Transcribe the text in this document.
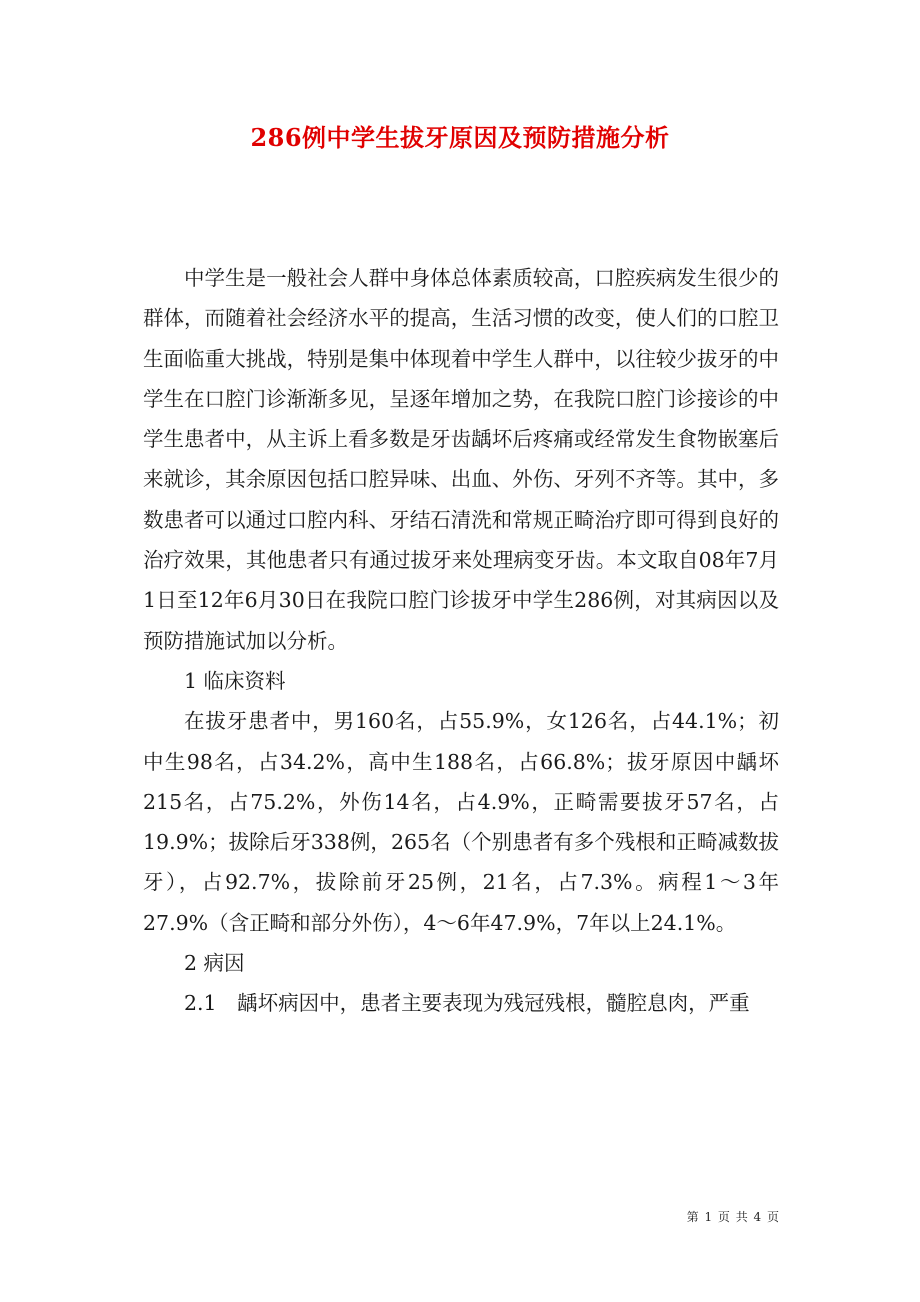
286例中学生拔牙原因及预防措施分析

中学生是一般社会人群中身体总体素质较高，口腔疾病发生很少的群体，而随着社会经济水平的提高，生活习惯的改变，使人们的口腔卫生面临重大挑战，特别是集中体现着中学生人群中，以往较少拔牙的中学生在口腔门诊渐渐多见，呈逐年增加之势，在我院口腔门诊接诊的中学生患者中，从主诉上看多数是牙齿龋坏后疼痛或经常发生食物嵌塞后来就诊，其余原因包括口腔异味、出血、外伤、牙列不齐等。其中，多数患者可以通过口腔内科、牙结石清洗和常规正畸治疗即可得到良好的治疗效果，其他患者只有通过拔牙来处理病变牙齿。本文取自08年7月1日至12年6月30日在我院口腔门诊拔牙中学生286例，对其病因以及预防措施试加以分析。

1 临床资料

在拔牙患者中，男160名，占55.9%，女126名，占44.1%；初中生98名，占34.2%，高中生188名，占66.8%；拔牙原因中龋坏215名，占75.2%，外伤14名，占4.9%，正畸需要拔牙57名，占19.9%；拔除后牙338例，265名（个别患者有多个残根和正畸减数拔牙），占92.7%，拔除前牙25例，21名，占7.3%。病程1～3年27.9%（含正畸和部分外伤），4～6年47.9%，7年以上24.1%。

2 病因

2.1　龋坏病因中，患者主要表现为残冠残根，髓腔息肉，严重

第 1 页 共 4 页
